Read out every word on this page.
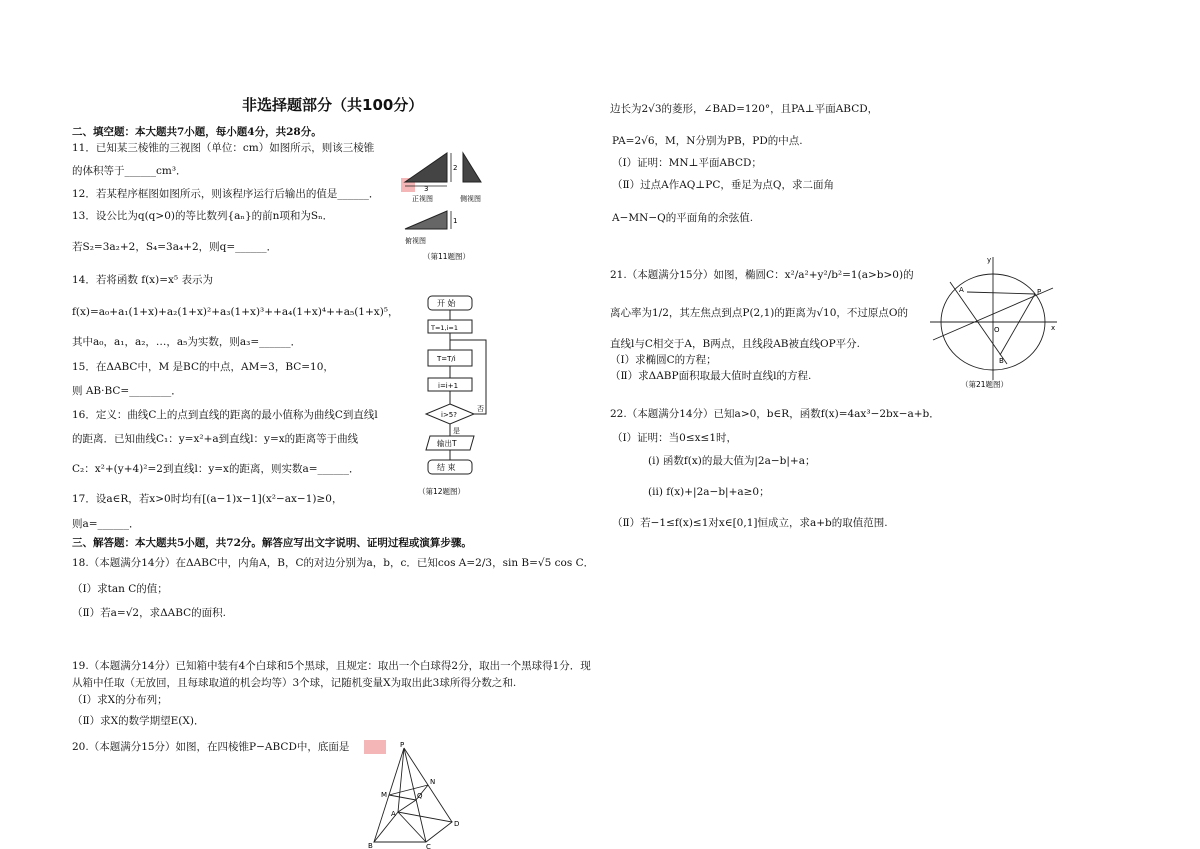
非选择题部分（共100分）
二、填空题：本大题共7小题，每小题4分，共28分。
11．已知某三棱锥的三视图（单位：cm）如图所示，则该三棱锥
的体积等于______cm³．
12．若某程序框图如图所示，则该程序运行后输出的值是______．
13．设公比为q(q>0)的等比数列{aₙ}的前n项和为Sₙ．
若S₂=3a₂+2，S₄=3a₄+2，则q=______．
14．若将函数 f(x)=x⁵ 表示为
f(x)=a₀+a₁(1+x)+a₂(1+x)²+a₃(1+x)³++a₄(1+x)⁴++a₅(1+x)⁵，
其中a₀，a₁，a₂，…，a₅为实数，则a₃=______．
15．在ΔABC中，M 是BC的中点，AM=3，BC=10，
则 AB·BC=________．
16．定义：曲线C上的点到直线的距离的最小值称为曲线C到直线l
的距离．已知曲线C₁：y=x²+a到直线l：y=x的距离等于曲线
C₂：x²+(y+4)²=2到直线l：y=x的距离，则实数a=______．
17．设a∈R，若x>0时均有[(a−1)x−1](x²−ax−1)≥0，
则a=______．
三、解答题：本大题共5小题，共72分。解答应写出文字说明、证明过程或演算步骤。
18.（本题满分14分）在ΔABC中，内角A，B，C的对边分别为a，b，c．已知cos A=2/3，sin B=√5 cos C．
（Ⅰ）求tan C的值；
（Ⅱ）若a=√2，求ΔABC的面积.
19.（本题满分14分）已知箱中装有4个白球和5个黑球，且规定：取出一个白球得2分，取出一个黑球得1分．现
从箱中任取（无放回，且每球取道的机会均等）3个球，记随机变量X为取出此3球所得分数之和.
（Ⅰ）求X的分布列；
（Ⅱ）求X的数学期望E(X)．
20.（本题满分15分）如图，在四棱锥P−ABCD中，底面是
边长为2√3的菱形，∠BAD=120°，且PA⊥平面ABCD，
PA=2√6，M，N分别为PB，PD的中点.
（Ⅰ）证明：MN⊥平面ABCD；
（Ⅱ）过点A作AQ⊥PC，垂足为点Q，求二面角
A−MN−Q的平面角的余弦值.
21.（本题满分15分）如图，椭圆C：x²/a²+y²/b²=1(a>b>0)的
离心率为1/2，其左焦点到点P(2,1)的距离为√10，不过原点O的
直线l与C相交于A，B两点，且线段AB被直线OP平分.
（Ⅰ）求椭圆C的方程；
（Ⅱ）求ΔABP面积取最大值时直线l的方程.
22.（本题满分14分）已知a>0，b∈R，函数f(x)=4ax³−2bx−a+b．
（Ⅰ）证明：当0≤x≤1时，
(i) 函数f(x)的最大值为|2a−b|+a；
(ii) f(x)+|2a−b|+a≥0；
（Ⅱ）若−1≤f(x)≤1对x∈[0,1]恒成立，求a+b的取值范围.
2
3
正视图	侧视图
1
俯视图
（第11题图）
开 始
T=1,i=1
T=T/i
i=i+1
i>5?
否
是
输出T
结 束
（第12题图）
P
M
N
Q
A
B	C
D
y
x
O
P
A
B
（第21题图）
